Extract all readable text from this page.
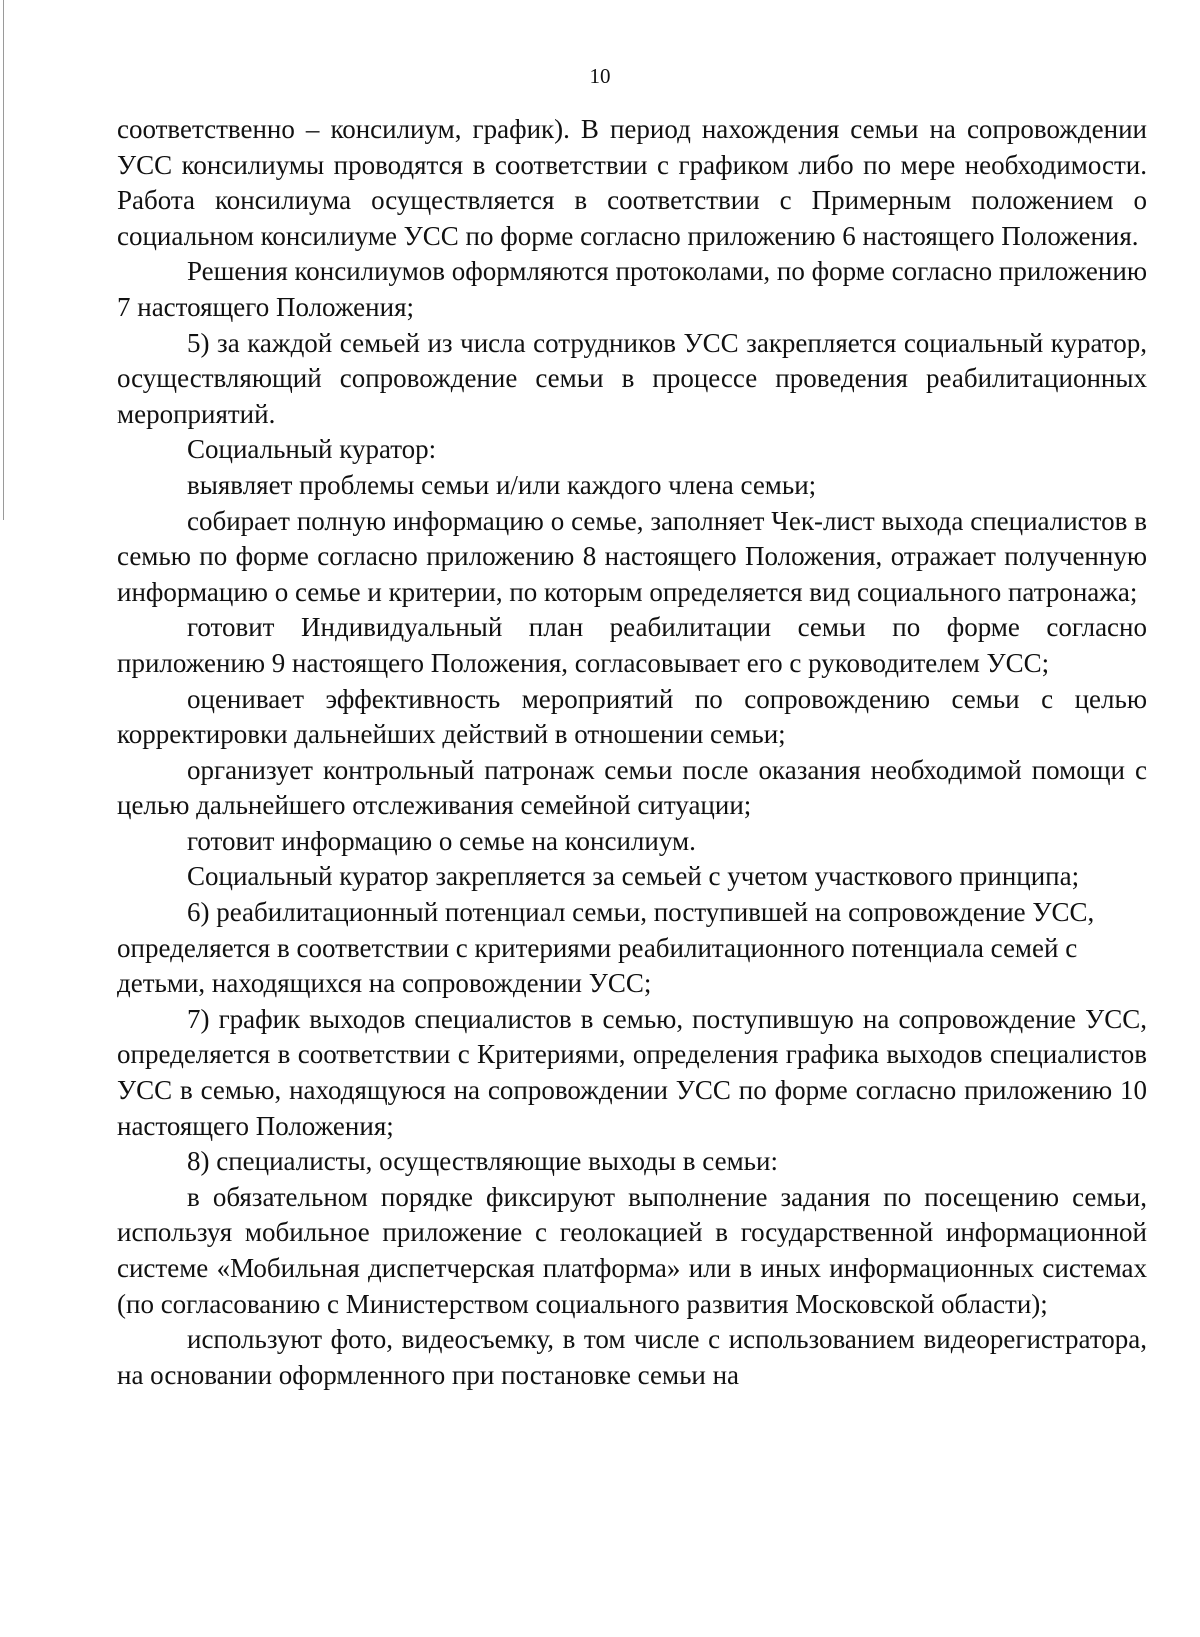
10

соответственно – консилиум, график). В период нахождения семьи на сопровождении УСС консилиумы проводятся в соответствии с графиком либо по мере необходимости. Работа консилиума осуществляется в соответствии с Примерным положением о социальном консилиуме УСС по форме согласно приложению 6 настоящего Положения.

Решения консилиумов оформляются протоколами, по форме согласно приложению 7 настоящего Положения;

5) за каждой семьей из числа сотрудников УСС закрепляется социальный куратор, осуществляющий сопровождение семьи в процессе проведения реабилитационных мероприятий.

Социальный куратор:

выявляет проблемы семьи и/или каждого члена семьи;

собирает полную информацию о семье, заполняет Чек-лист выхода специалистов в семью по форме согласно приложению 8 настоящего Положения, отражает полученную информацию о семье и критерии, по которым определяется вид социального патронажа;

готовит Индивидуальный план реабилитации семьи по форме согласно приложению 9 настоящего Положения, согласовывает его с руководителем УСС;

оценивает эффективность мероприятий по сопровождению семьи с целью корректировки дальнейших действий в отношении семьи;

организует контрольный патронаж семьи после оказания необходимой помощи с целью дальнейшего отслеживания семейной ситуации;

готовит информацию о семье на консилиум.

Социальный куратор закрепляется за семьей с учетом участкового принципа;

6) реабилитационный потенциал семьи, поступившей на сопровождение УСС, определяется в соответствии с критериями реабилитационного потенциала семей с детьми, находящихся на сопровождении УСС;

7) график выходов специалистов в семью, поступившую на сопровождение УСС, определяется в соответствии с Критериями, определения графика выходов специалистов УСС в семью, находящуюся на сопровождении УСС по форме согласно приложению 10 настоящего Положения;

8) специалисты, осуществляющие выходы в семьи:

в обязательном порядке фиксируют выполнение задания по посещению семьи, используя мобильное приложение с геолокацией в государственной информационной системе «Мобильная диспетчерская платформа» или в иных информационных системах (по согласованию с Министерством социального развития Московской области);

используют фото, видеосъемку, в том числе с использованием видеорегистратора, на основании оформленного при постановке семьи на
